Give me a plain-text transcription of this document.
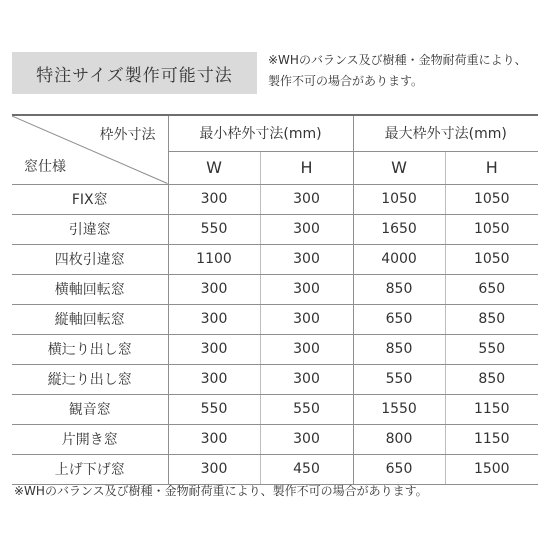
特注サイズ製作可能寸法
※WHのバランス及び樹種・金物耐荷重により、
製作不可の場合があります。
枠外寸法
窓仕様	最小枠外寸法(mm)		最大枠外寸法(mm)	
	W	H	W	H
FIX窓	300	300	1050	1050
引違窓	550	300	1650	1050
四枚引違窓	1100	300	4000	1050
横軸回転窓	300	300	850	650
縦軸回転窓	300	300	650	850
横辷り出し窓	300	300	850	550
縦辷り出し窓	300	300	550	850
観音窓	550	550	1550	1150
片開き窓	300	300	800	1150
上げ下げ窓	300	450	650	1500
※WHのバランス及び樹種・金物耐荷重により、製作不可の場合があります。
